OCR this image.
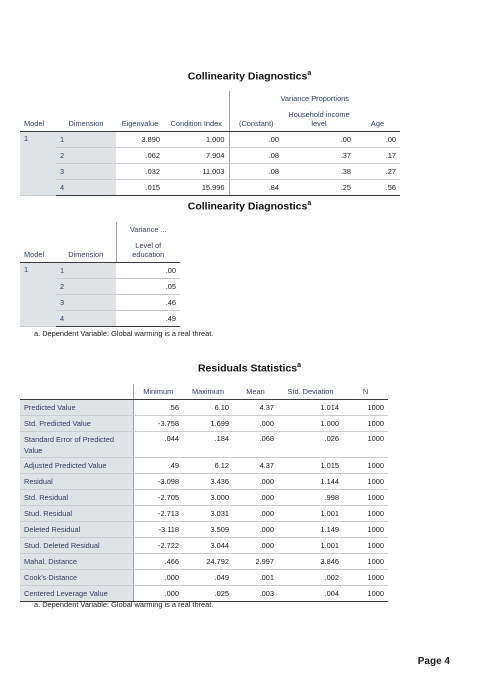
Collinearity Diagnostics$^a$
				Variance Proportions		
Model	Dimension	Eigenvalue	Condition Index	(Constant)	Household income level	Age
1	1	3.890	1.000	.00	.00	.00
	2	.062	7.904	.08	.37	.17
	3	.032	11.003	.08	.38	.27
	4	.015	15.996	.84	.25	.56
Collinearity Diagnostics$^a$
		Variance ...
Model	Dimension	Level of education
1	1	.00
	2	.05
	3	.46
	4	.49
a. Dependent Variable: Global warming is a real threat.
Residuals Statistics$^a$
	Minimum	Maximum	Mean	Std. Deviation	N
Predicted Value	.56	6.10	4.37	1.014	1000
Std. Predicted Value	-3.758	1.699	.000	1.000	1000
Standard Error of Predicted Value	.044	.184	.068	.026	1000
Adjusted Predicted Value	.49	6.12	4.37	1.015	1000
Residual	-3.098	3.436	.000	1.144	1000
Std. Residual	-2.705	3.000	.000	.998	1000
Stud. Residual	-2.713	3.031	.000	1.001	1000
Deleted Residual	-3.118	3.509	.000	1.149	1000
Stud. Deleted Residual	-2.722	3.044	.000	1.001	1000
Mahal. Distance	.466	24.792	2.997	3.846	1000
Cook's Distance	.000	.049	.001	.002	1000
Centered Leverage Value	.000	.025	.003	.004	1000
a. Dependent Variable: Global warming is a real threat.
Page 4
